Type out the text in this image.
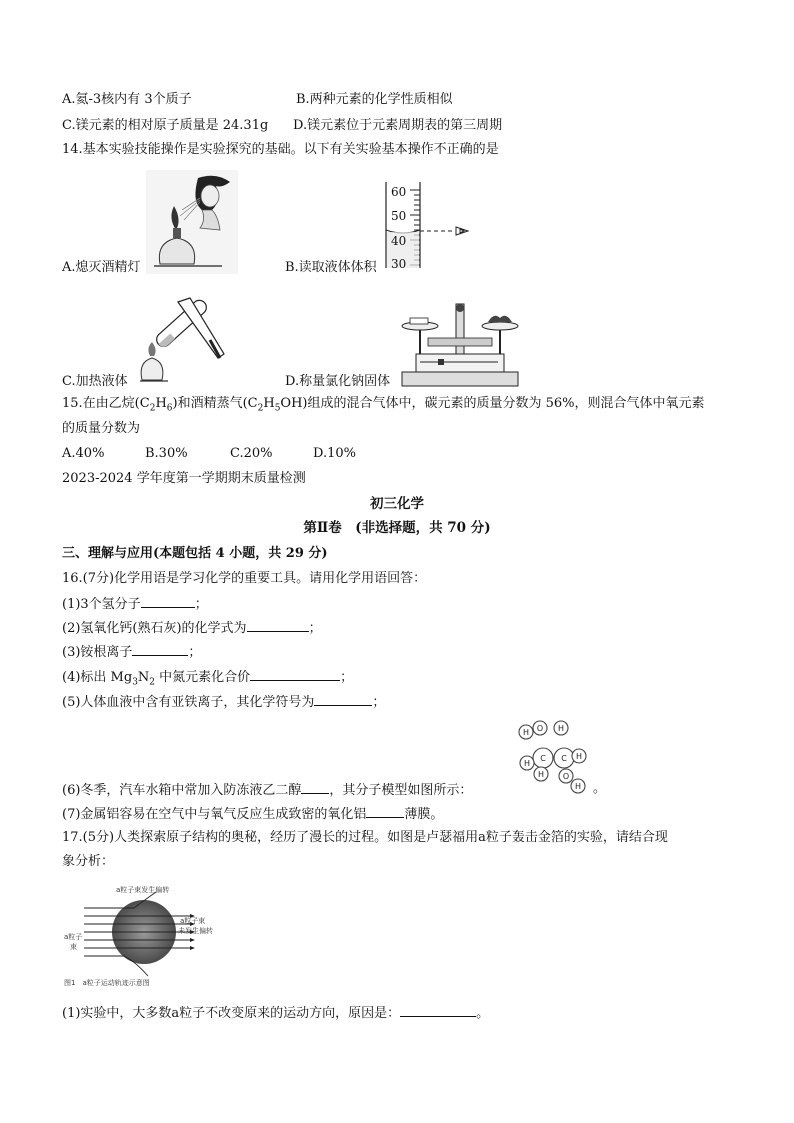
A.氦-3核内有 3个质子	B.两种元素的化学性质相似
C.镁元素的相对原子质量是 24.31g D.镁元素位于元素周期表的第三周期
14.基本实验技能操作是实验探究的基础。以下有关实验基本操作不正确的是
A.熄灭酒精灯
60
50
40
30
B.读取液体体积
C.加热液体	D.称量氯化钠固体
15.在由乙烷$(C_2H_6)$和酒精蒸气$(C_2H_5OH)$组成的混合气体中，碳元素的质量分数为 56%，则混合气体中氧元素
的质量分数为
A.40%	B.30%	C.20%	D.10%
2023-2024 学年度第一学期期末质量检测
初三化学
第Ⅱ卷　(非选择题，共 70 分)
三、理解与应用(本题包括 4 小题，共 29 分)
16.(7分)化学用语是学习化学的重要工具。请用化学用语回答：
(1)3个氢分子	；
(2)氢氧化钙(熟石灰)的化学式为	；
(3)铵根离子	；
(4)标出 $Mg_3N_2$ 中氮元素化合价	；
(5)人体血液中含有亚铁离子，其化学符号为	；
C C
H O H
H
H
H O
H
(6)冬季，汽车水箱中常加入防冻液乙二醇 ，其分子模型如图所示：	。
(7)金属铝容易在空气中与氧气反应生成致密的氧化铝	薄膜。
17.(5分)人类探索原子结构的奥秘，经历了漫长的过程。如图是卢瑟福用a粒子轰击金箔的实验，请结合现
象分析：
a粒子束发生偏转
a粒子
束
a粒子束
未发生偏转
图1　a粒子运动轨迹示意图
(1)实验中，大多数a粒子不改变原来的运动方向，原因是：	。
